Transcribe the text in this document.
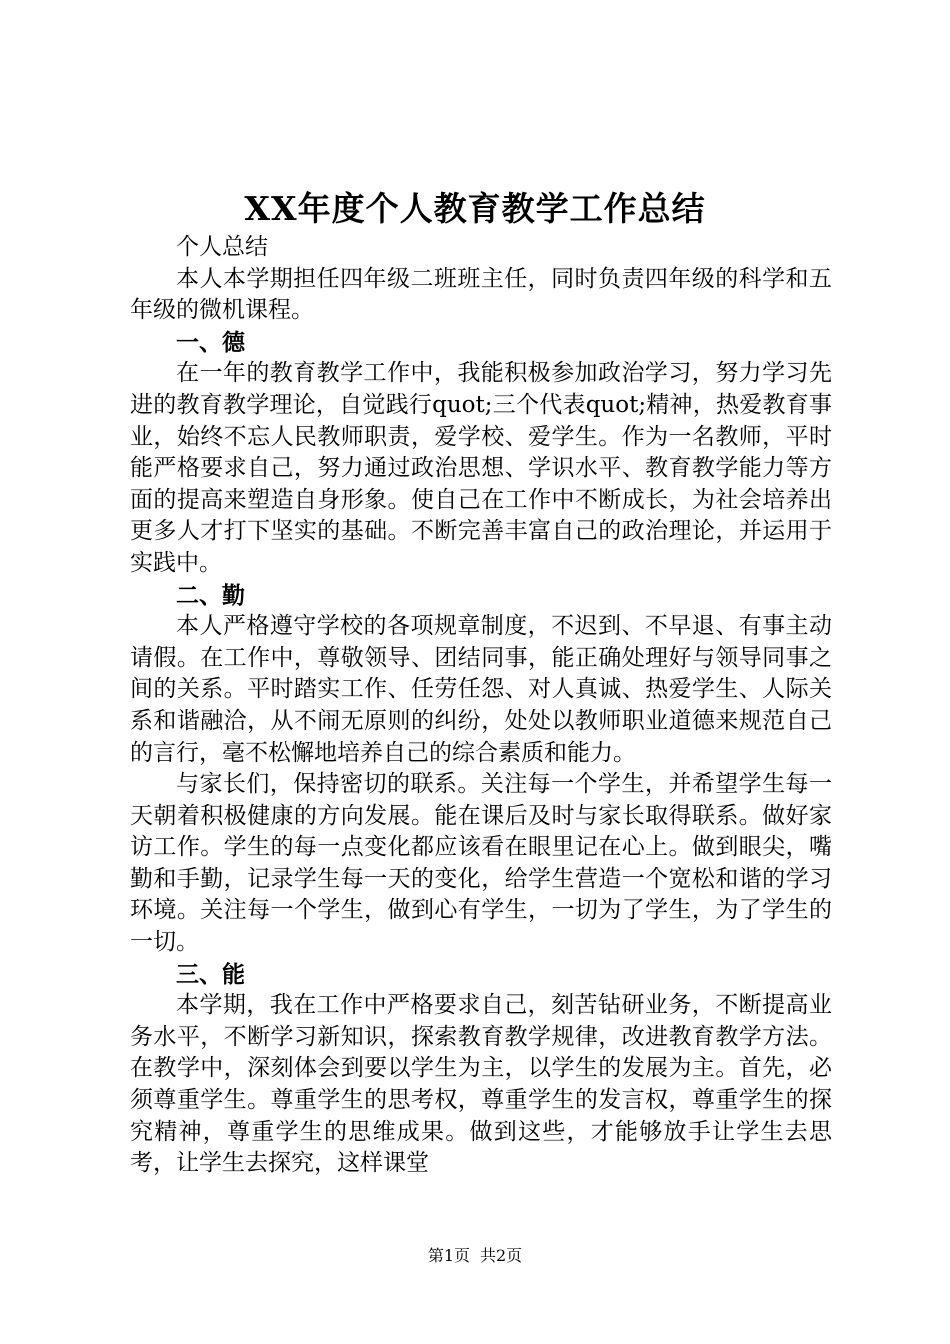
XX年度个人教育教学工作总结

个人总结

本人本学期担任四年级二班班主任，同时负责四年级的科学和五年级的微机课程。

一、德

在一年的教育教学工作中，我能积极参加政治学习，努力学习先进的教育教学理论，自觉践行quot;三个代表quot;精神，热爱教育事业，始终不忘人民教师职责，爱学校、爱学生。作为一名教师，平时能严格要求自己，努力通过政治思想、学识水平、教育教学能力等方面的提高来塑造自身形象。使自己在工作中不断成长，为社会培养出更多人才打下坚实的基础。不断完善丰富自己的政治理论，并运用于实践中。

二、勤

本人严格遵守学校的各项规章制度，不迟到、不早退、有事主动请假。在工作中，尊敬领导、团结同事，能正确处理好与领导同事之间的关系。平时踏实工作、任劳任怨、对人真诚、热爱学生、人际关系和谐融洽，从不闹无原则的纠纷，处处以教师职业道德来规范自己的言行，毫不松懈地培养自己的综合素质和能力。

与家长们，保持密切的联系。关注每一个学生，并希望学生每一天朝着积极健康的方向发展。能在课后及时与家长取得联系。做好家访工作。学生的每一点变化都应该看在眼里记在心上。做到眼尖，嘴勤和手勤，记录学生每一天的变化，给学生营造一个宽松和谐的学习环境。关注每一个学生，做到心有学生，一切为了学生，为了学生的一切。

三、能

本学期，我在工作中严格要求自己，刻苦钻研业务，不断提高业务水平，不断学习新知识，探索教育教学规律，改进教育教学方法。在教学中，深刻体会到要以学生为主，以学生的发展为主。首先，必须尊重学生。尊重学生的思考权，尊重学生的发言权，尊重学生的探究精神，尊重学生的思维成果。做到这些，才能够放手让学生去思考，让学生去探究，这样课堂

第1页 共2页
